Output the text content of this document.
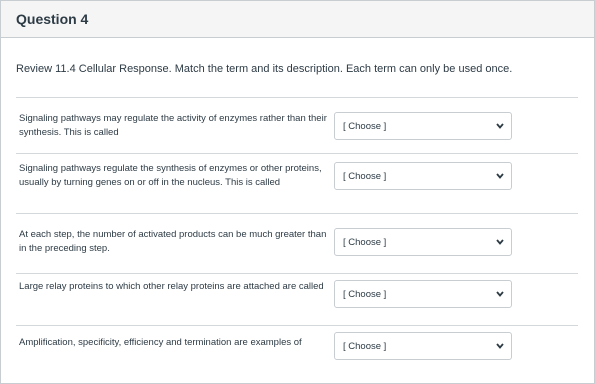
Question 4
Review 11.4 Cellular Response. Match the term and its description. Each term can only be used once.
Signaling pathways may regulate the activity of enzymes rather than their synthesis. This is called
[ Choose ]
Signaling pathways regulate the synthesis of enzymes or other proteins, usually by turning genes on or off in the nucleus. This is called
[ Choose ]
At each step, the number of activated products can be much greater than in the preceding step.
[ Choose ]
Large relay proteins to which other relay proteins are attached are called
[ Choose ]
Amplification, specificity, efficiency and termination are examples of	[ Choose ]
